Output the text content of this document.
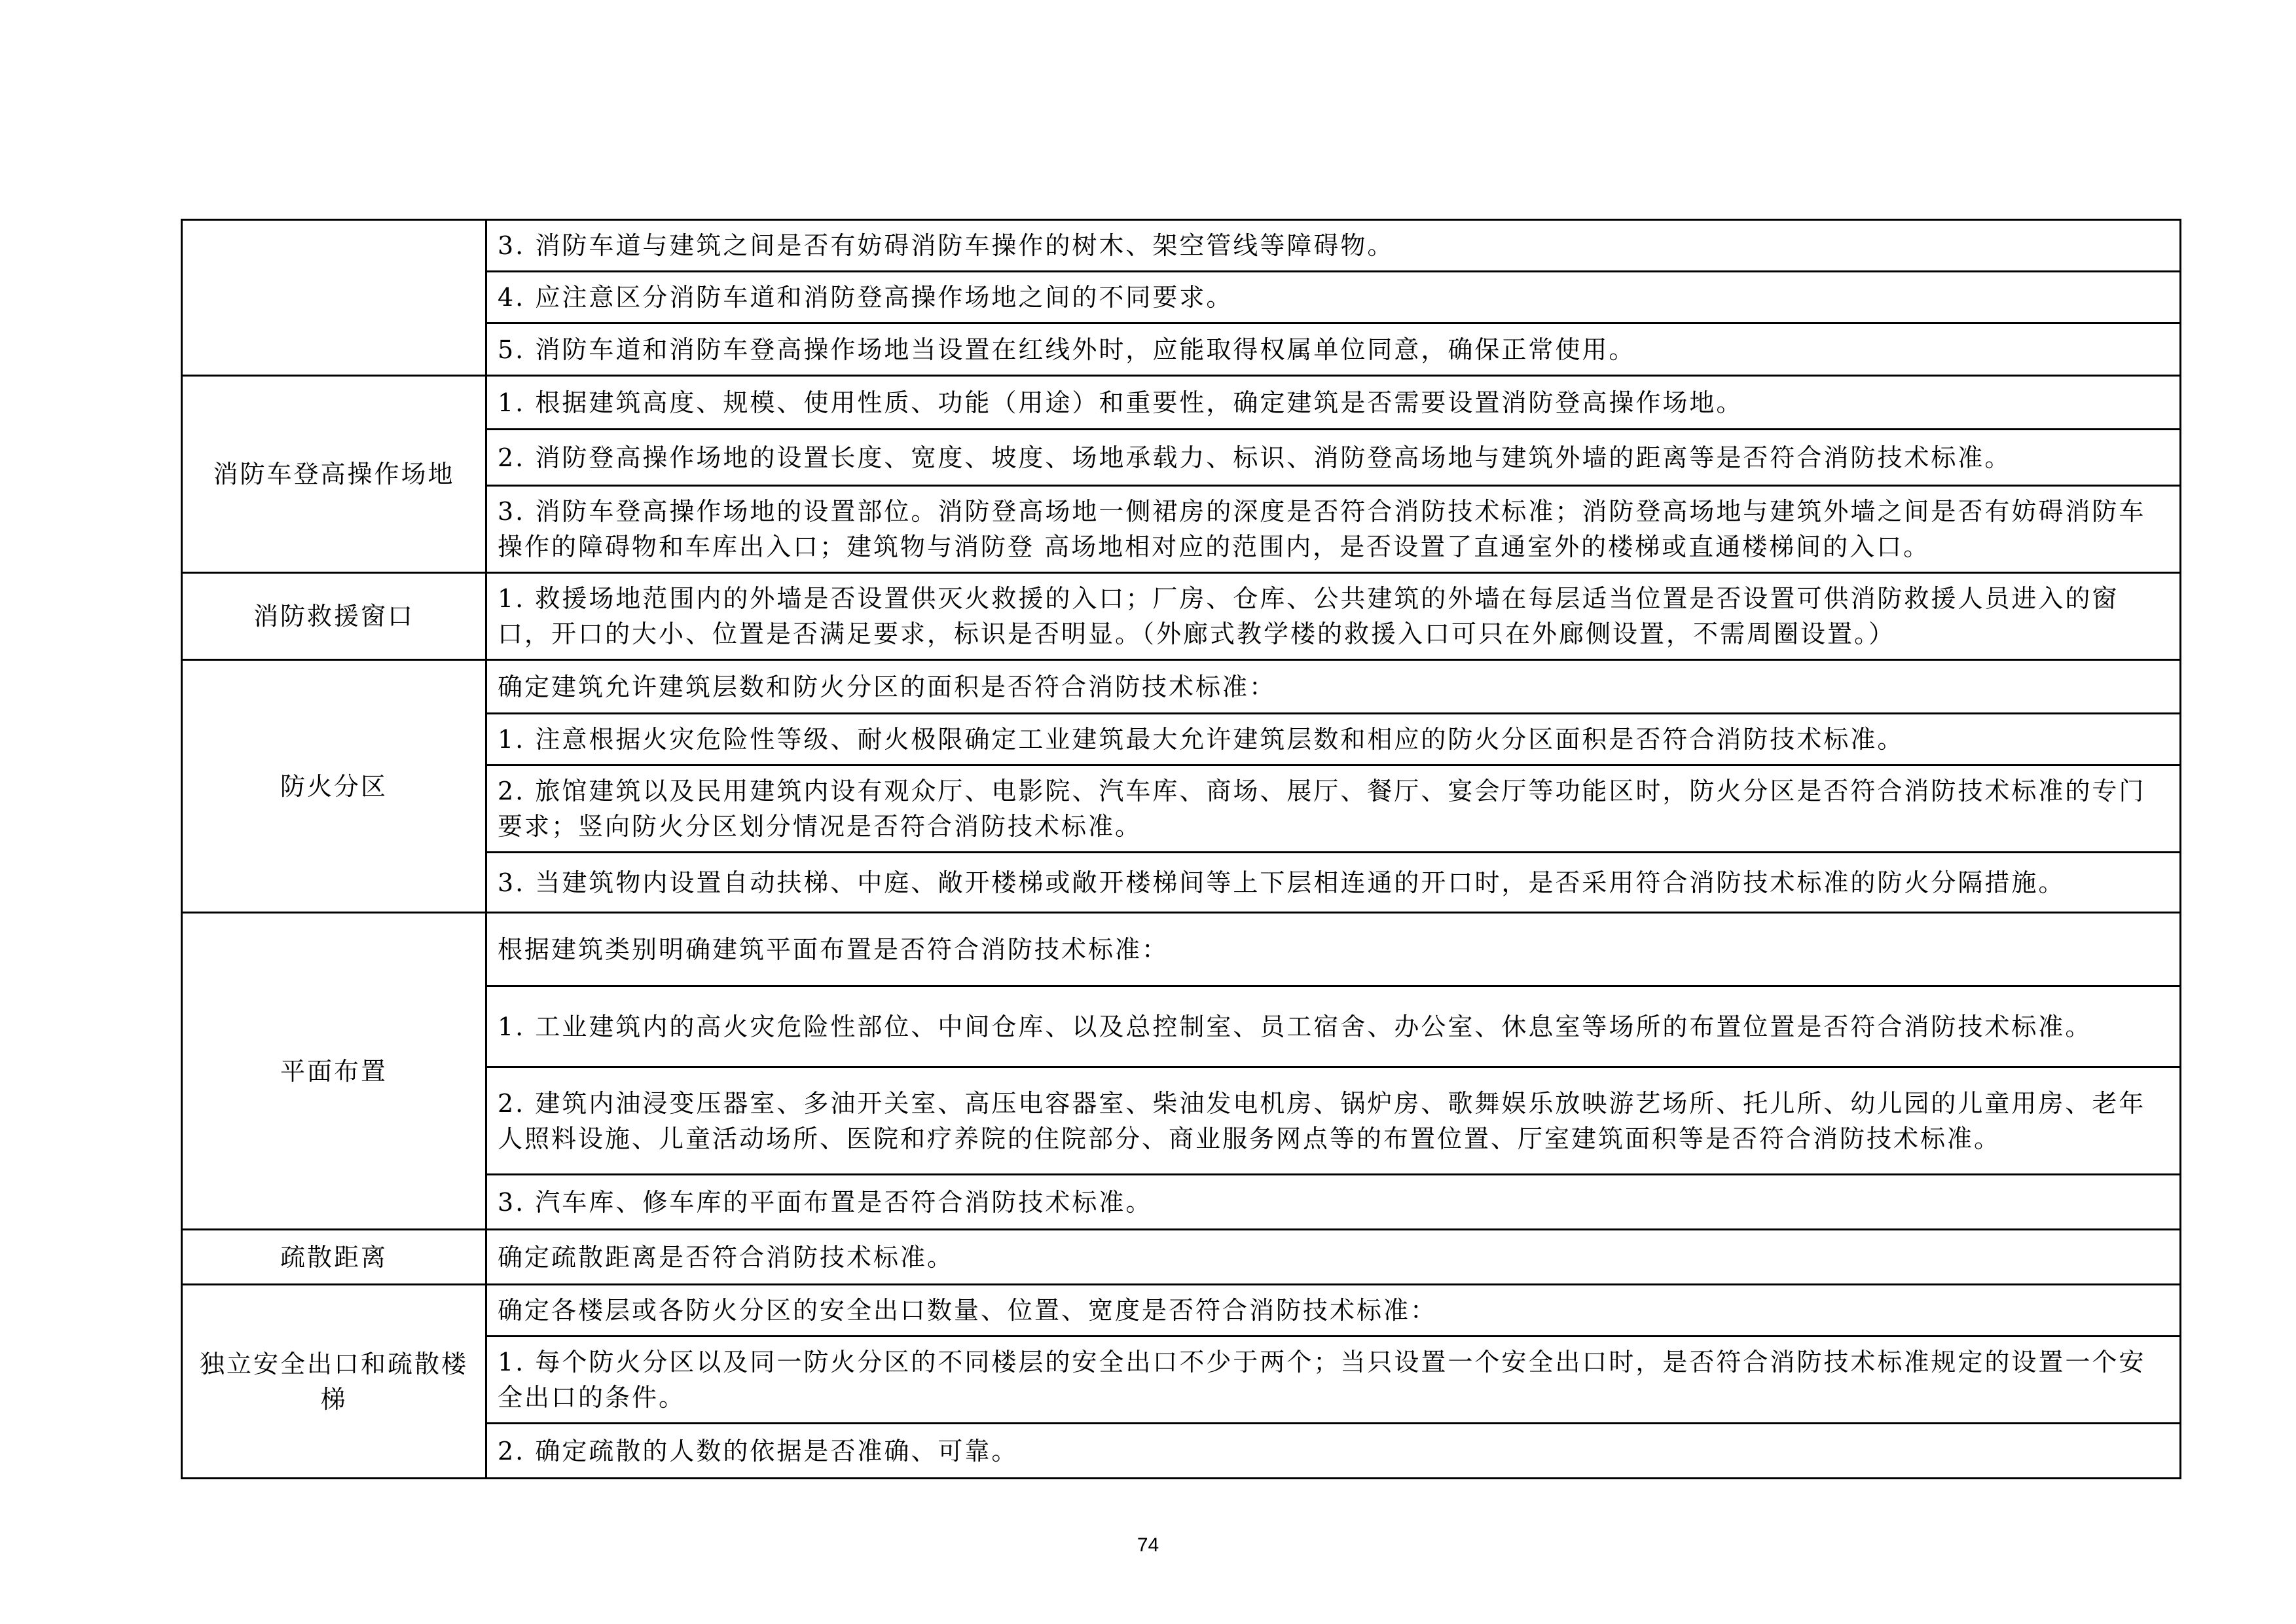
	3. 消防车道与建筑之间是否有妨碍消防车操作的树木、架空管线等障碍物。
	4. 应注意区分消防车道和消防登高操作场地之间的不同要求。
	5. 消防车道和消防车登高操作场地当设置在红线外时，应能取得权属单位同意，确保正常使用。
消防车登高操作场地	1. 根据建筑高度、规模、使用性质、功能（用途）和重要性，确定建筑是否需要设置消防登高操作场地。
	2. 消防登高操作场地的设置长度、宽度、坡度、场地承载力、标识、消防登高场地与建筑外墙的距离等是否符合消防技术标准。
	3. 消防车登高操作场地的设置部位。消防登高场地一侧裙房的深度是否符合消防技术标准；消防登高场地与建筑外墙之间是否有妨碍消防车操作的障碍物和车库出入口；建筑物与消防登 高场地相对应的范围内，是否设置了直通室外的楼梯或直通楼梯间的入口。
消防救援窗口	1. 救援场地范围内的外墙是否设置供灭火救援的入口；厂房、仓库、公共建筑的外墙在每层适当位置是否设置可供消防救援人员进入的窗口，开口的大小、位置是否满足要求，标识是否明显。（外廊式教学楼的救援入口可只在外廊侧设置，不需周圈设置。）
防火分区	确定建筑允许建筑层数和防火分区的面积是否符合消防技术标准：
	1. 注意根据火灾危险性等级、耐火极限确定工业建筑最大允许建筑层数和相应的防火分区面积是否符合消防技术标准。
	2. 旅馆建筑以及民用建筑内设有观众厅、电影院、汽车库、商场、展厅、餐厅、宴会厅等功能区时，防火分区是否符合消防技术标准的专门要求；竖向防火分区划分情况是否符合消防技术标准。
	3. 当建筑物内设置自动扶梯、中庭、敞开楼梯或敞开楼梯间等上下层相连通的开口时，是否采用符合消防技术标准的防火分隔措施。
平面布置	根据建筑类别明确建筑平面布置是否符合消防技术标准：
	1. 工业建筑内的高火灾危险性部位、中间仓库、以及总控制室、员工宿舍、办公室、休息室等场所的布置位置是否符合消防技术标准。
	2. 建筑内油浸变压器室、多油开关室、高压电容器室、柴油发电机房、锅炉房、歌舞娱乐放映游艺场所、托儿所、幼儿园的儿童用房、老年人照料设施、儿童活动场所、医院和疗养院的住院部分、商业服务网点等的布置位置、厅室建筑面积等是否符合消防技术标准。
	3. 汽车库、修车库的平面布置是否符合消防技术标准。
疏散距离	确定疏散距离是否符合消防技术标准。
独立安全出口和疏散楼梯	确定各楼层或各防火分区的安全出口数量、位置、宽度是否符合消防技术标准：
	1. 每个防火分区以及同一防火分区的不同楼层的安全出口不少于两个；当只设置一个安全出口时，是否符合消防技术标准规定的设置一个安全出口的条件。
	2. 确定疏散的人数的依据是否准确、可靠。
74
